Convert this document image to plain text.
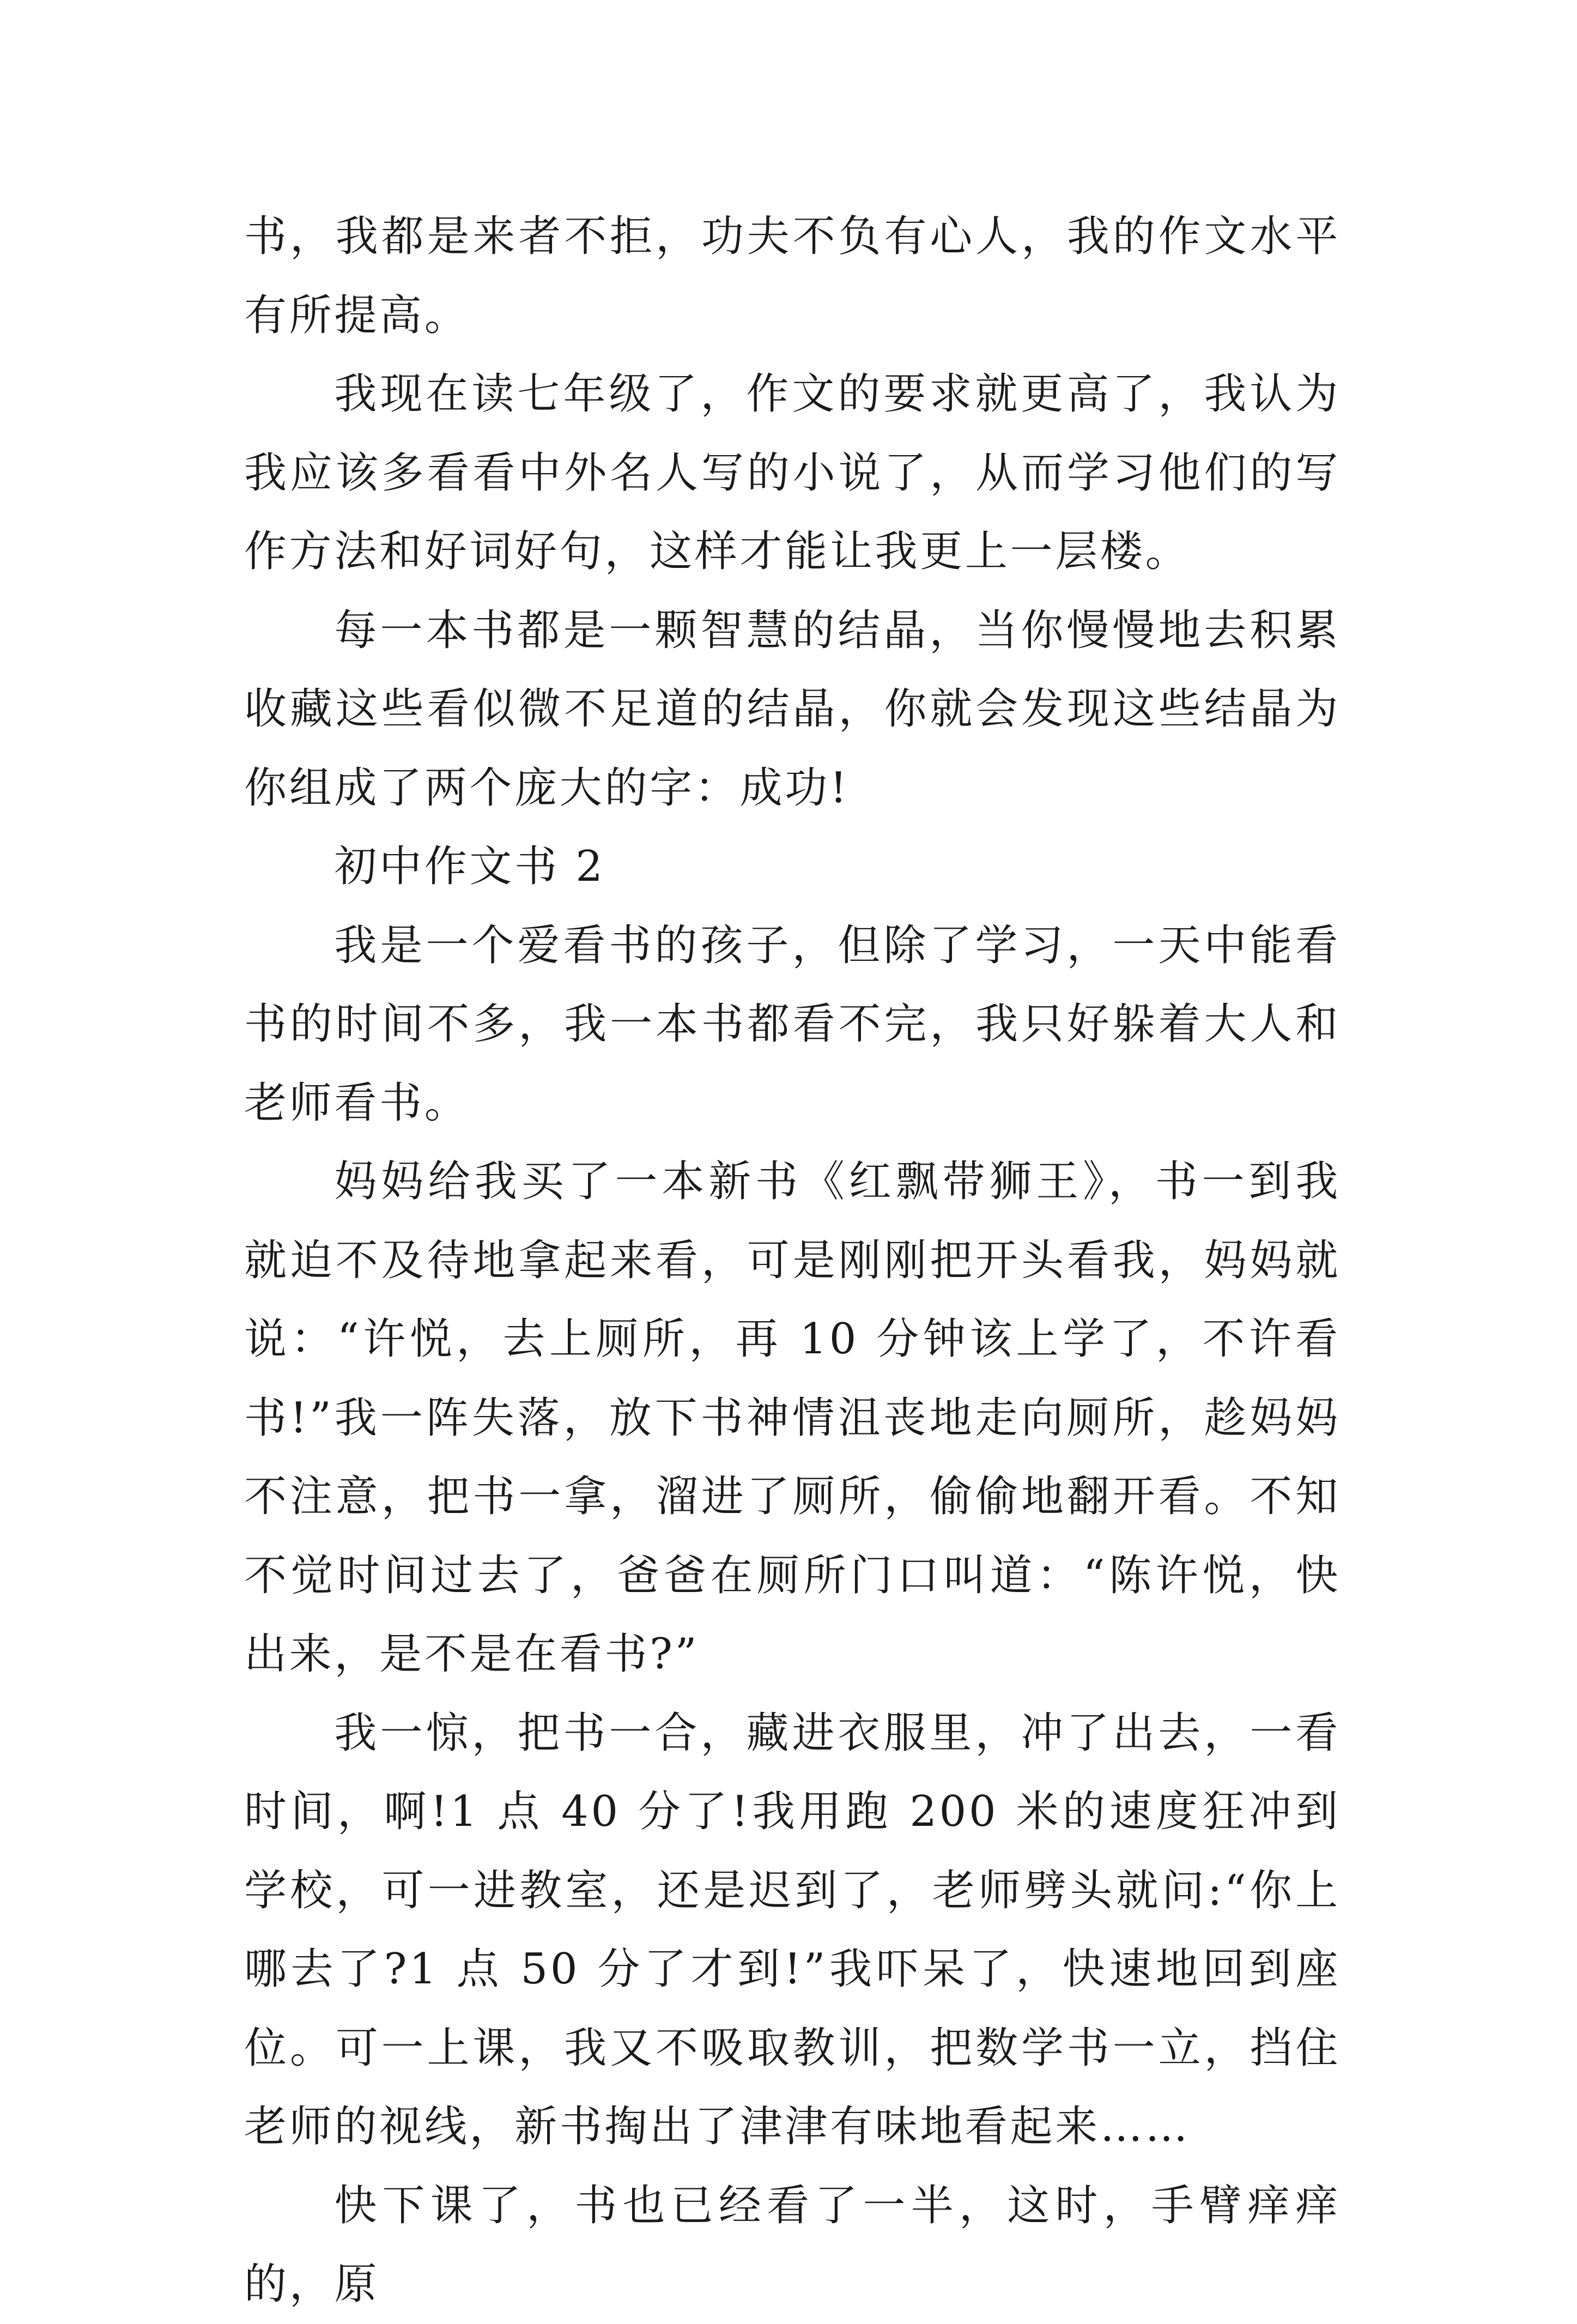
书，我都是来者不拒，功夫不负有心人，我的作文水平有所提高。

我现在读七年级了，作文的要求就更高了，我认为我应该多看看中外名人写的小说了，从而学习他们的写作方法和好词好句，这样才能让我更上一层楼。

每一本书都是一颗智慧的结晶，当你慢慢地去积累收藏这些看似微不足道的结晶，你就会发现这些结晶为你组成了两个庞大的字：成功!

初中作文书 2

我是一个爱看书的孩子，但除了学习，一天中能看书的时间不多，我一本书都看不完，我只好躲着大人和老师看书。

妈妈给我买了一本新书《红飘带狮王》，书一到我就迫不及待地拿起来看，可是刚刚把开头看我，妈妈就说：“许悦，去上厕所，再 10 分钟该上学了，不许看书!”我一阵失落，放下书神情沮丧地走向厕所，趁妈妈不注意，把书一拿，溜进了厕所，偷偷地翻开看。不知不觉时间过去了，爸爸在厕所门口叫道：“陈许悦，快出来，是不是在看书?”

我一惊，把书一合，藏进衣服里，冲了出去，一看时间，啊!1 点 40 分了!我用跑 200 米的速度狂冲到学校，可一进教室，还是迟到了，老师劈头就问:“你上哪去了?1 点 50 分了才到!”我吓呆了，快速地回到座位。可一上课，我又不吸取教训，把数学书一立，挡住老师的视线，新书掏出了津津有味地看起来……

快下课了，书也已经看了一半，这时，手臂痒痒的，原
